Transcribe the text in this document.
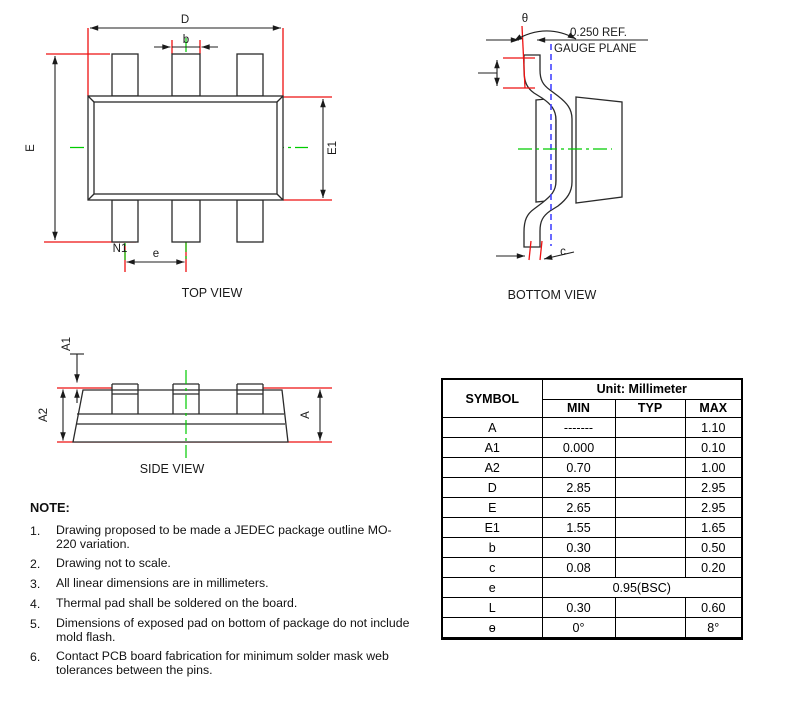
D
b
E	E1
e
N1
TOP VIEW
θ
0.250 REF.
GAUGE PLANE
c
BOTTOM VIEW
A2	A
A1
SIDE VIEW
NOTE:
1.	Drawing proposed to be made a JEDEC package outline MO-220 variation.
2.	Drawing not to scale.
3.	All linear dimensions are in millimeters.
4.	Thermal pad shall be soldered on the board.
5.	Dimensions of exposed pad on bottom of package do not include mold flash.
6.	Contact PCB board fabrication for minimum solder mask web tolerances between the pins.
SYMBOL	Unit: Millimeter		
	MIN	TYP	MAX
A	-------		1.10
A1	0.000		0.10
A2	0.70		1.00
D	2.85		2.95
E	2.65		2.95
E1	1.55		1.65
b	0.30		0.50
c	0.08		0.20
e	0.95(BSC)		
L	0.30		0.60
ɵ	0°		8°
